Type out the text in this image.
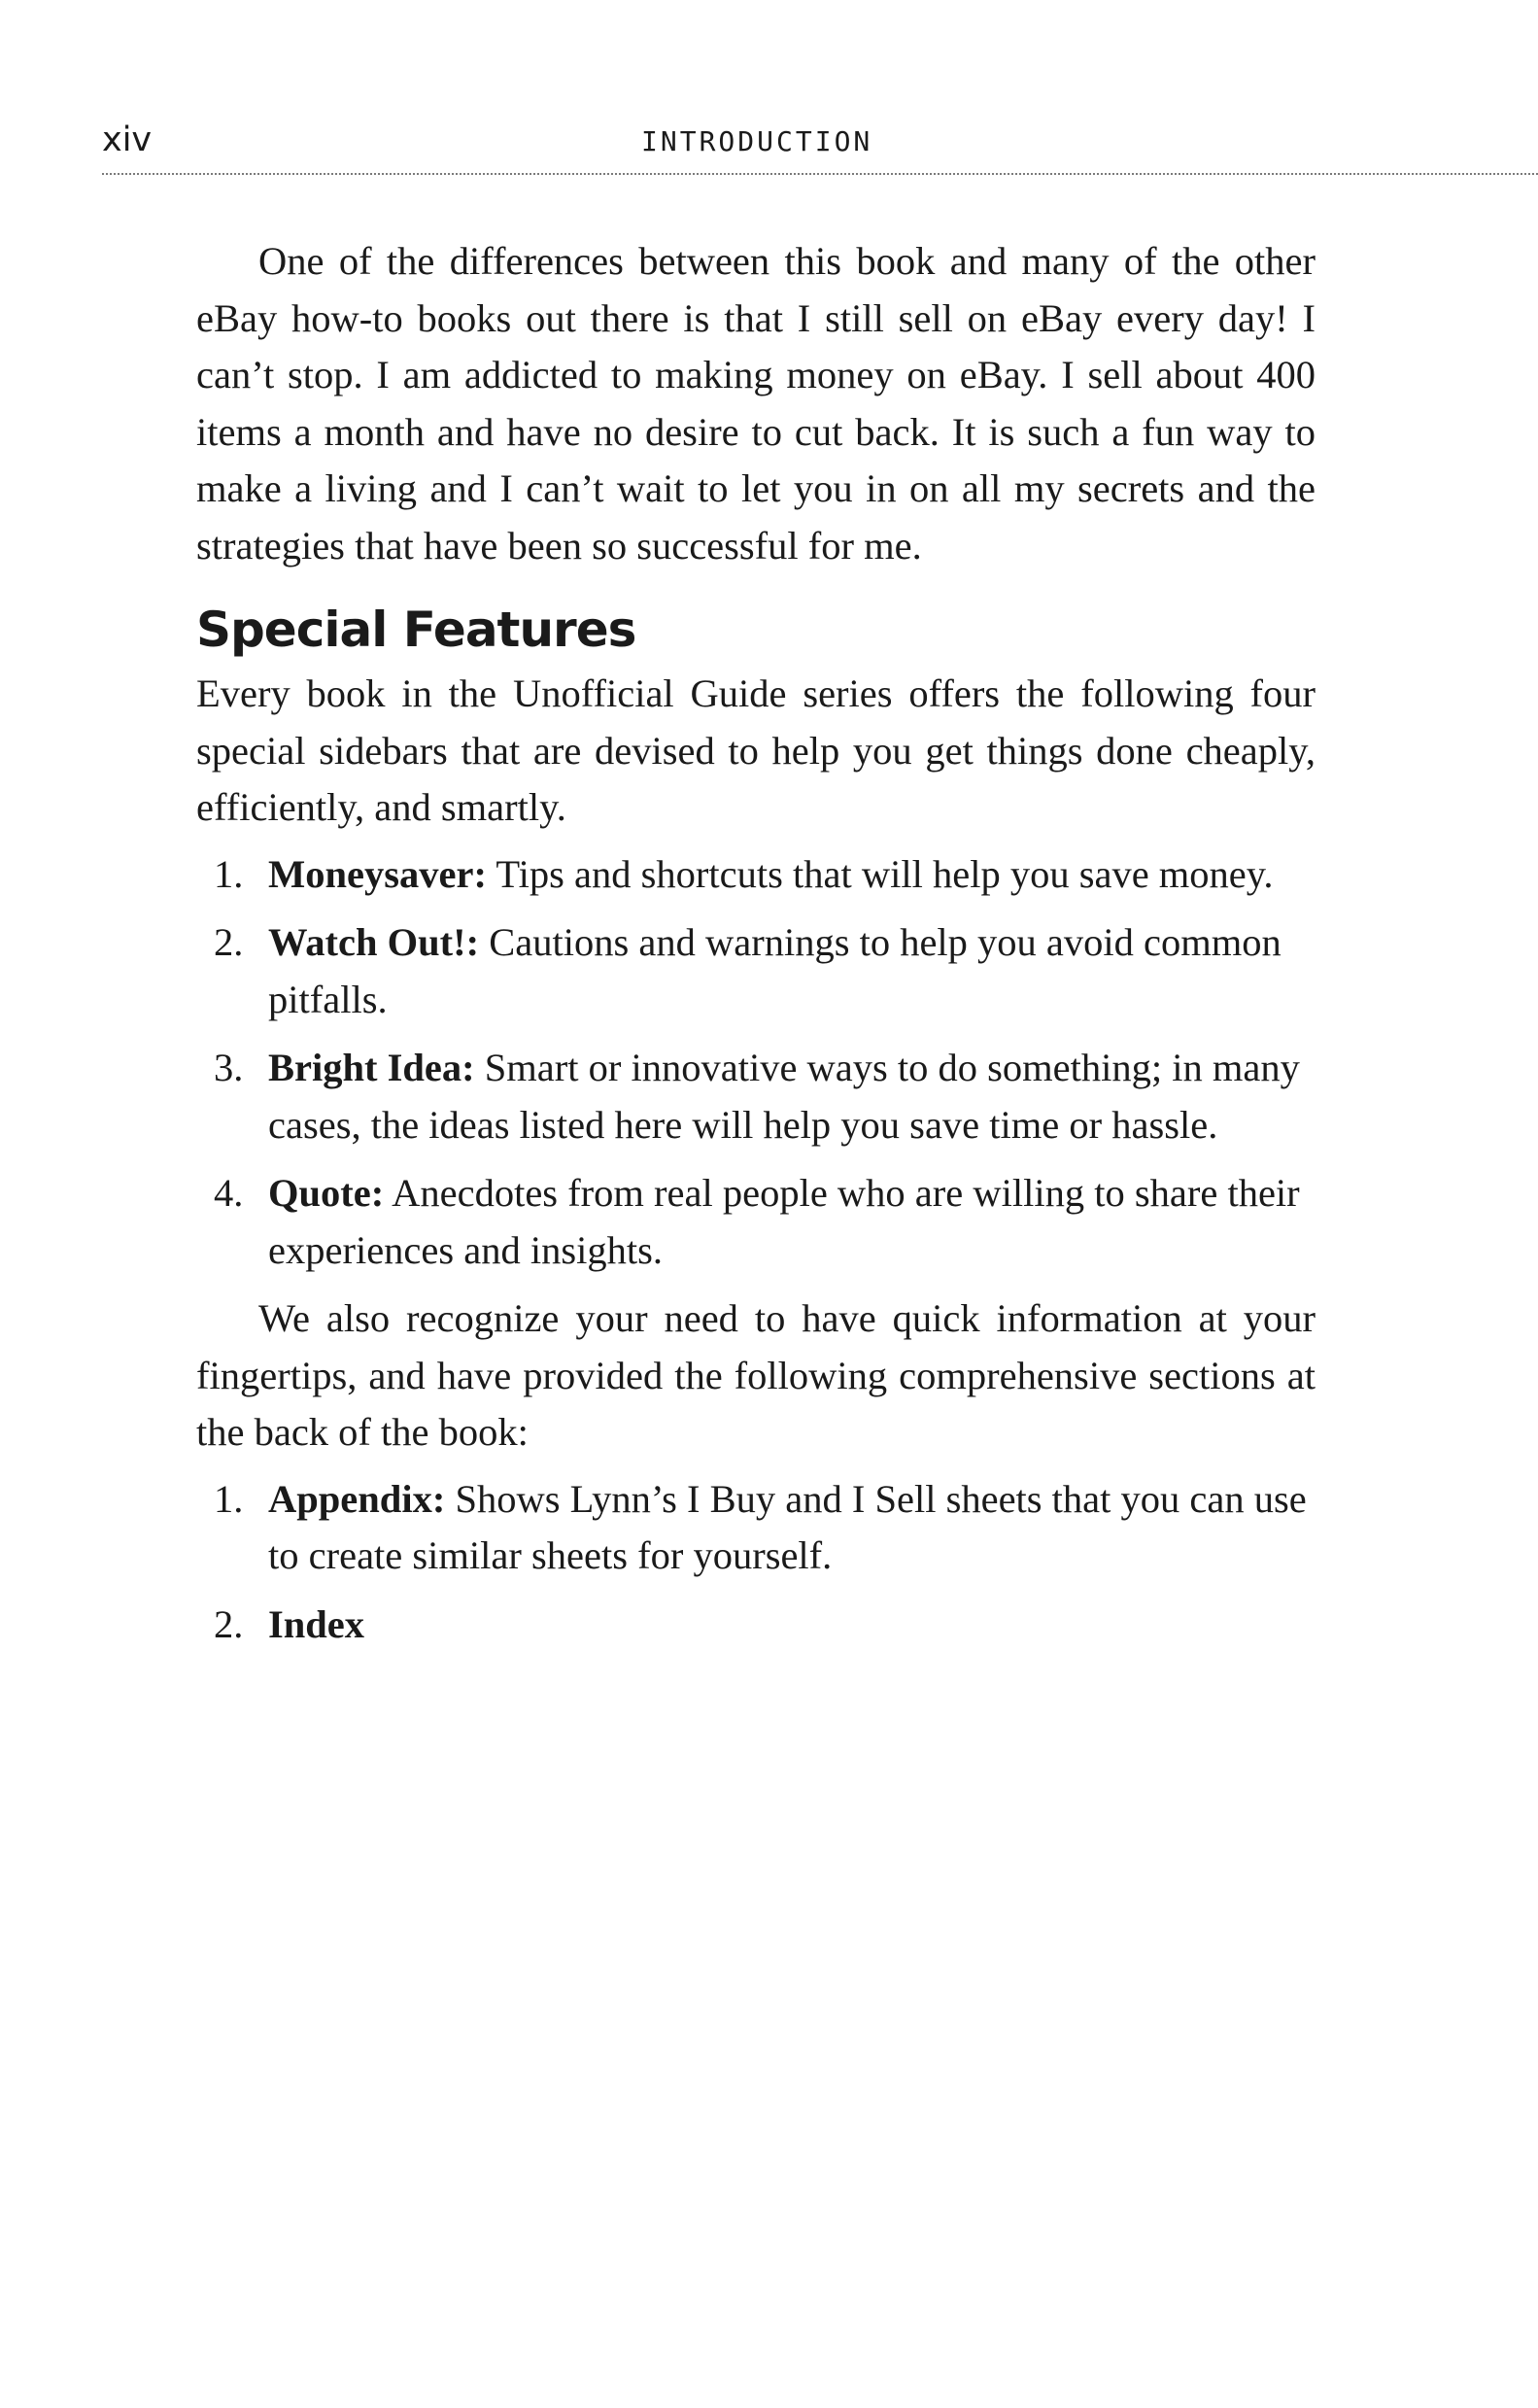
xiv	INTRODUCTION

One of the differences between this book and many of the other eBay how-to books out there is that I still sell on eBay every day! I can’t stop. I am addicted to making money on eBay. I sell about 400 items a month and have no desire to cut back. It is such a fun way to make a living and I can’t wait to let you in on all my secrets and the strategies that have been so successful for me.

Special Features

Every book in the Unofficial Guide series offers the following four special sidebars that are devised to help you get things done cheaply, efficiently, and smartly.

1. Moneysaver: Tips and shortcuts that will help you save money.
2. Watch Out!: Cautions and warnings to help you avoid common pitfalls.
3. Bright Idea: Smart or innovative ways to do something; in many cases, the ideas listed here will help you save time or hassle.
4. Quote: Anecdotes from real people who are willing to share their experiences and insights.

We also recognize your need to have quick information at your fingertips, and have provided the following comprehensive sections at the back of the book:

1. Appendix: Shows Lynn’s I Buy and I Sell sheets that you can use to create similar sheets for yourself.
2. Index
